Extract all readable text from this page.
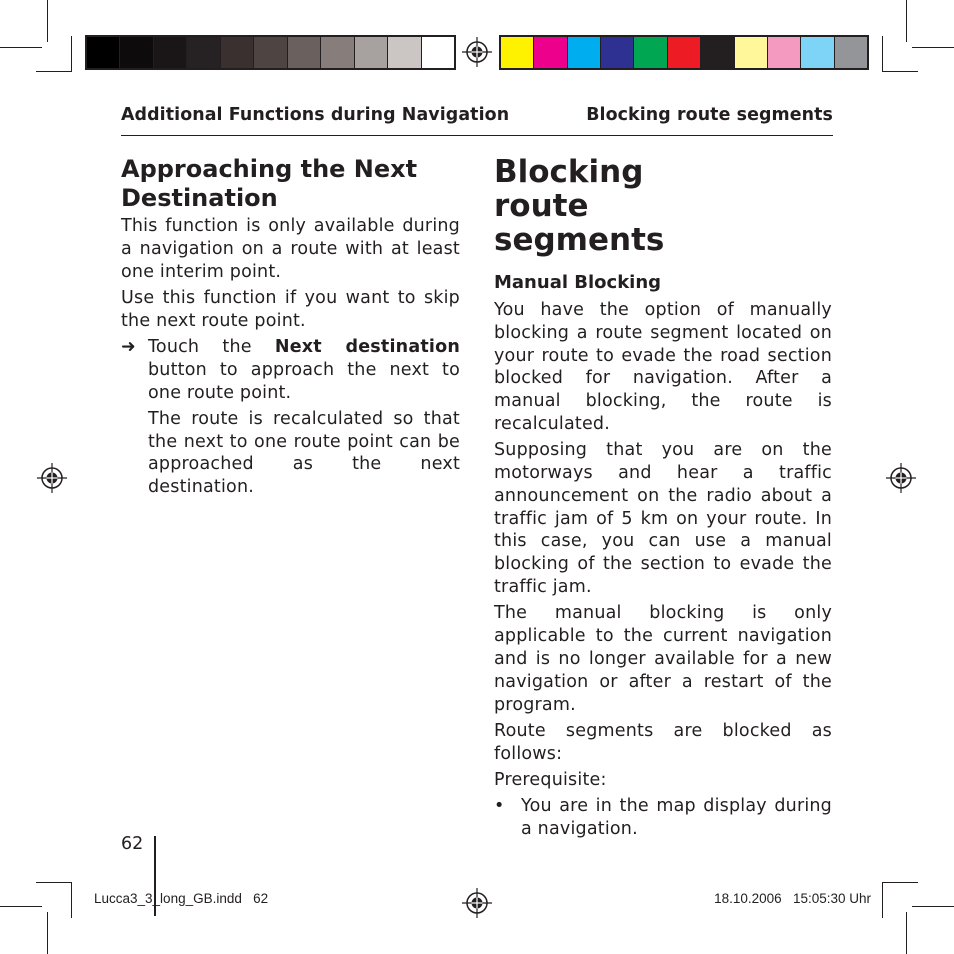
Additional Functions during Navigation	Blocking route segments
Approaching the Next Destination

This function is only available during a navigation on a route with at least one interim point.

Use this function if you want to skip the next route point.

➜ Touch the Next destination button to approach the next to one route point.

The route is recalculated so that the next to one route point can be approached as the next destination.

Blocking route segments
Manual Blocking

You have the option of manually blocking a route segment located on your route to evade the road section blocked for navigation. After a manual blocking, the route is recalculated.

Supposing that you are on the motorways and hear a traffic announcement on the radio about a traffic jam of 5 km on your route. In this case, you can use a manual blocking of the section to evade the traffic jam.

The manual blocking is only applicable to the current navigation and is no longer available for a new navigation or after a restart of the program.

Route segments are blocked as follows:

Prerequisite:

• You are in the map display during a navigation.

62
Lucca3_3_long_GB.indd   62	18.10.2006   15:05:30 Uhr
